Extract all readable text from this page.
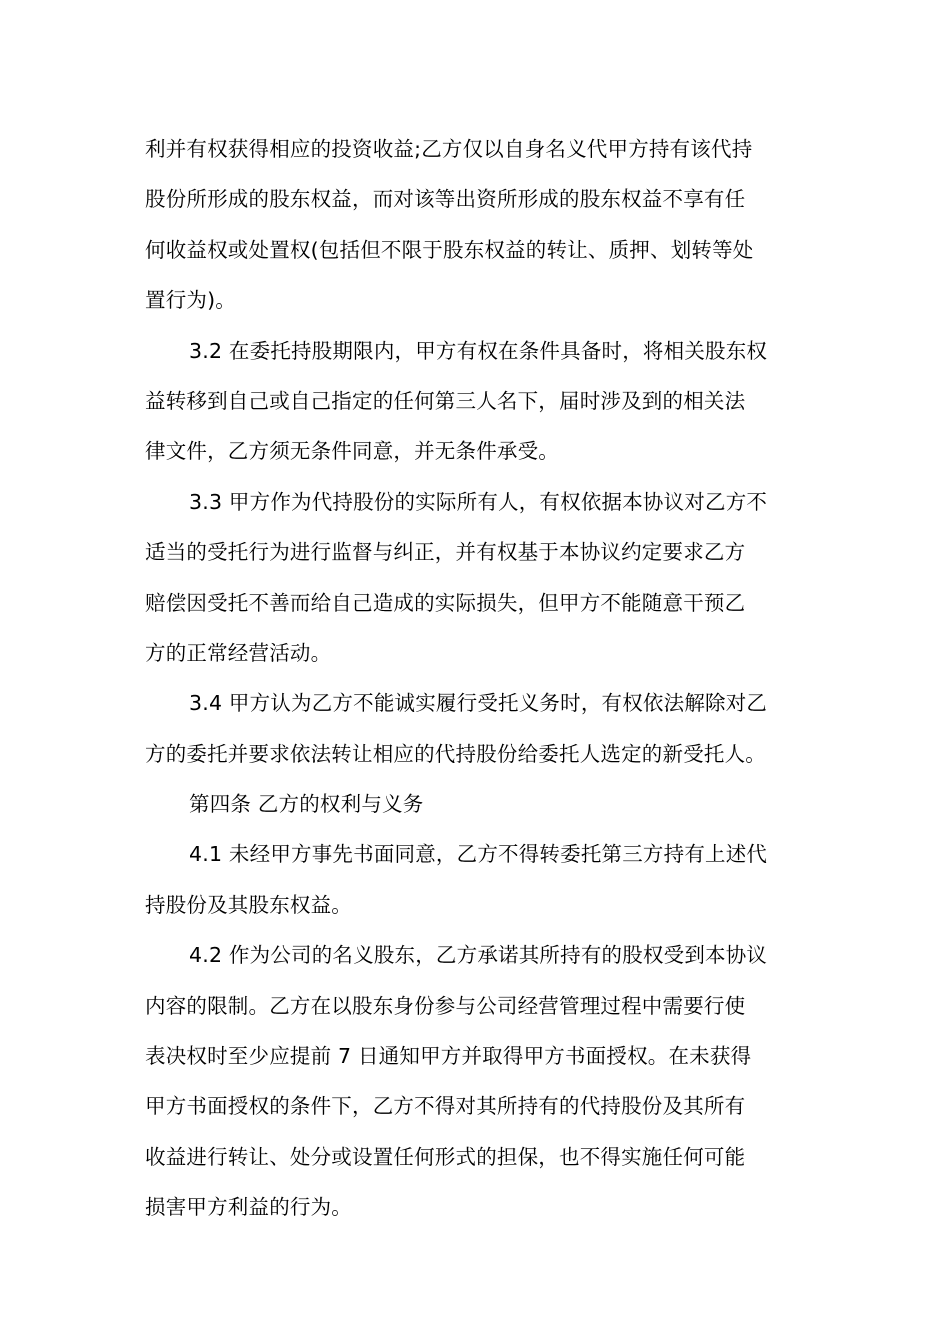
利并有权获得相应的投资收益;乙方仅以自身名义代甲方持有该代持
股份所形成的股东权益，而对该等出资所形成的股东权益不享有任
何收益权或处置权(包括但不限于股东权益的转让、质押、划转等处
置行为)。
3.2 在委托持股期限内，甲方有权在条件具备时，将相关股东权
益转移到自己或自己指定的任何第三人名下，届时涉及到的相关法
律文件，乙方须无条件同意，并无条件承受。
3.3 甲方作为代持股份的实际所有人，有权依据本协议对乙方不
适当的受托行为进行监督与纠正，并有权基于本协议约定要求乙方
赔偿因受托不善而给自己造成的实际损失，但甲方不能随意干预乙
方的正常经营活动。
3.4 甲方认为乙方不能诚实履行受托义务时，有权依法解除对乙
方的委托并要求依法转让相应的代持股份给委托人选定的新受托人。
第四条 乙方的权利与义务
4.1 未经甲方事先书面同意，乙方不得转委托第三方持有上述代
持股份及其股东权益。
4.2 作为公司的名义股东，乙方承诺其所持有的股权受到本协议
内容的限制。乙方在以股东身份参与公司经营管理过程中需要行使
表决权时至少应提前 7 日通知甲方并取得甲方书面授权。在未获得
甲方书面授权的条件下，乙方不得对其所持有的代持股份及其所有
收益进行转让、处分或设置任何形式的担保，也不得实施任何可能
损害甲方利益的行为。
